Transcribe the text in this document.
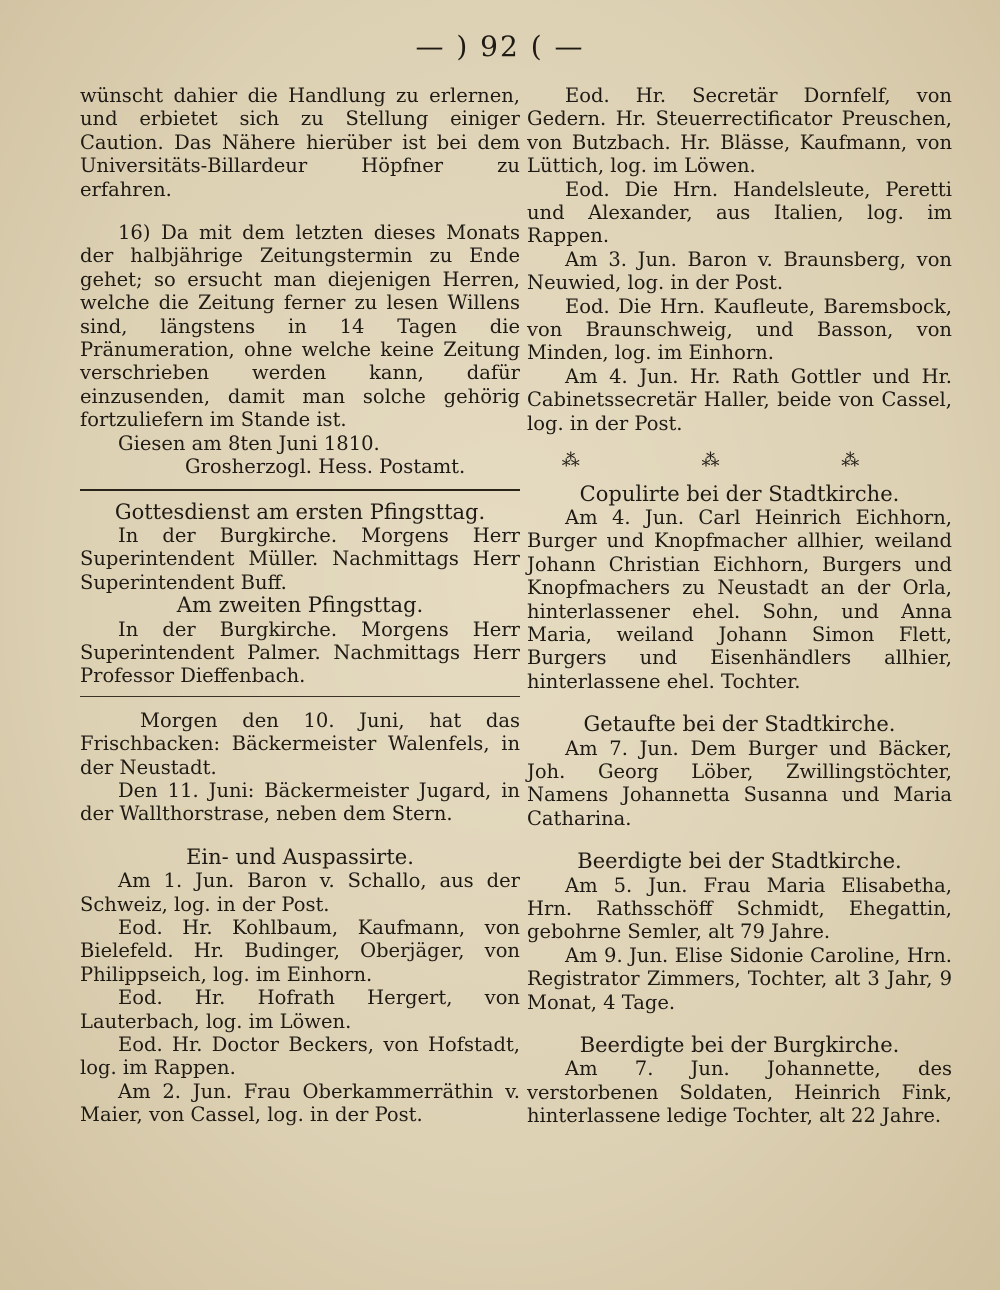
— ) 92 ( —

wünscht dahier die Handlung zu erlernen, und erbietet sich zu Stellung einiger Caution. Das Nähere hierüber ist bei dem Universitäts-Billardeur Höpfner zu erfahren.

16) Da mit dem letzten dieses Monats der halbjährige Zeitungstermin zu Ende gehet; so ersucht man diejenigen Herren, welche die Zeitung ferner zu lesen Willens sind, längstens in 14 Tagen die Pränumeration, ohne welche keine Zeitung verschrieben werden kann, dafür einzusenden, damit man solche gehörig fortzuliefern im Stande ist.

Giesen am 8ten Juni 1810.

Grosherzogl. Hess. Postamt.

Gottesdienst am ersten Pfingsttag.

In der Burgkirche. Morgens Herr Superintendent Müller. Nachmittags Herr Superintendent Buff.

Am zweiten Pfingsttag.

In der Burgkirche. Morgens Herr Superintendent Palmer. Nachmittags Herr Professor Dieffenbach.

Morgen den 10. Juni, hat das Frischbacken: Bäckermeister Walenfels, in der Neustadt.

Den 11. Juni: Bäckermeister Jugard, in der Wallthorstrase, neben dem Stern.

Ein- und Auspassirte.

Am 1. Jun. Baron v. Schallo, aus der Schweiz, log. in der Post.

Eod. Hr. Kohlbaum, Kaufmann, von Bielefeld. Hr. Budinger, Oberjäger, von Philippseich, log. im Einhorn.

Eod. Hr. Hofrath Hergert, von Lauterbach, log. im Löwen.

Eod. Hr. Doctor Beckers, von Hofstadt, log. im Rappen.

Am 2. Jun. Frau Oberkammerräthin v. Maier, von Cassel, log. in der Post.

Eod. Hr. Secretär Dornfelf, von Gedern. Hr. Steuerrectificator Preuschen, von Butzbach. Hr. Blässe, Kaufmann, von Lüttich, log. im Löwen.

Eod. Die Hrn. Handelsleute, Peretti und Alexander, aus Italien, log. im Rappen.

Am 3. Jun. Baron v. Braunsberg, von Neuwied, log. in der Post.

Eod. Die Hrn. Kaufleute, Baremsbock, von Braunschweig, und Basson, von Minden, log. im Einhorn.

Am 4. Jun. Hr. Rath Gottler und Hr. Cabinetssecretär Haller, beide von Cassel, log. in der Post.

⁂ ⁂ ⁂

Copulirte bei der Stadtkirche.

Am 4. Jun. Carl Heinrich Eichhorn, Burger und Knopfmacher allhier, weiland Johann Christian Eichhorn, Burgers und Knopfmachers zu Neustadt an der Orla, hinterlassener ehel. Sohn, und Anna Maria, weiland Johann Simon Flett, Burgers und Eisenhändlers allhier, hinterlassene ehel. Tochter.

Getaufte bei der Stadtkirche.

Am 7. Jun. Dem Burger und Bäcker, Joh. Georg Löber, Zwillingstöchter, Namens Johannetta Susanna und Maria Catharina.

Beerdigte bei der Stadtkirche.

Am 5. Jun. Frau Maria Elisabetha, Hrn. Rathsschöff Schmidt, Ehegattin, gebohrne Semler, alt 79 Jahre.

Am 9. Jun. Elise Sidonie Caroline, Hrn. Registrator Zimmers, Tochter, alt 3 Jahr, 9 Monat, 4 Tage.

Beerdigte bei der Burgkirche.

Am 7. Jun. Johannette, des verstorbenen Soldaten, Heinrich Fink, hinterlassene ledige Tochter, alt 22 Jahre.
